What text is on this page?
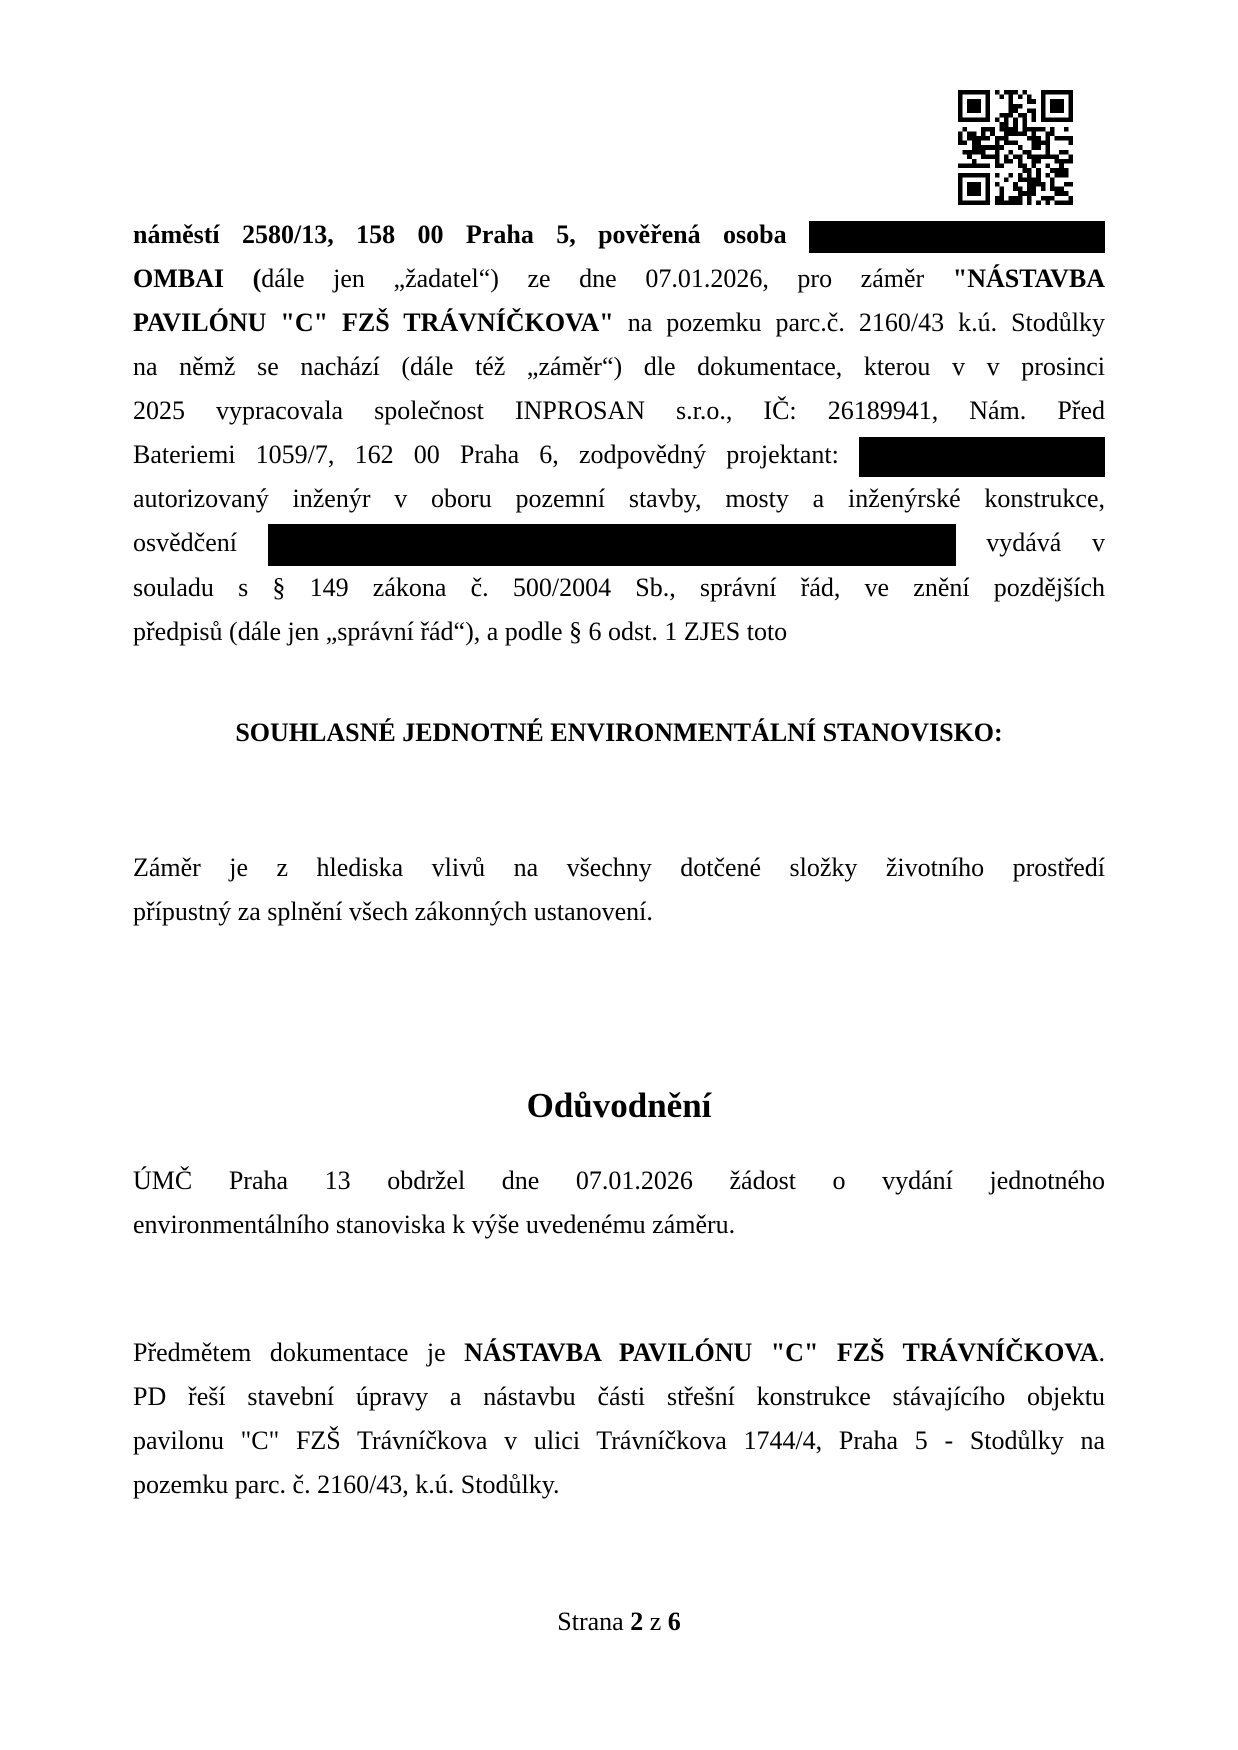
náměstí 2580/13, 158 00 Praha 5, pověřená osoba
OMBAI (dále jen „žadatel“) ze dne 07.01.2026, pro záměr "NÁSTAVBA
PAVILÓNU "C" FZŠ TRÁVNÍČKOVA" na pozemku parc.č. 2160/43 k.ú. Stodůlky
na němž se nachází (dále též „záměr“) dle dokumentace, kterou v v prosinci
2025 vypracovala společnost INPROSAN s.r.o., IČ: 26189941, Nám. Před
Bateriemi 1059/7, 162 00 Praha 6, zodpovědný projektant:
autorizovaný inženýr v oboru pozemní stavby, mosty a inženýrské konstrukce,
osvědčení	vydává v
souladu s § 149 zákona č. 500/2004 Sb., správní řád, ve znění pozdějších
předpisů (dále jen „správní řád“), a podle § 6 odst. 1 ZJES toto
SOUHLASNÉ JEDNOTNÉ ENVIRONMENTÁLNÍ STANOVISKO:
Záměr je z hlediska vlivů na všechny dotčené složky životního prostředí
přípustný za splnění všech zákonných ustanovení.
Odůvodnění
ÚMČ Praha 13 obdržel dne 07.01.2026 žádost o vydání jednotného
environmentálního stanoviska k výše uvedenému záměru.
Předmětem dokumentace je NÁSTAVBA PAVILÓNU "C" FZŠ TRÁVNÍČKOVA.
PD řeší stavební úpravy a nástavbu části střešní konstrukce stávajícího objektu
pavilonu "C" FZŠ Trávníčkova v ulici Trávníčkova 1744/4, Praha 5 - Stodůlky na
pozemku parc. č. 2160/43, k.ú. Stodůlky.
Strana 2 z 6
